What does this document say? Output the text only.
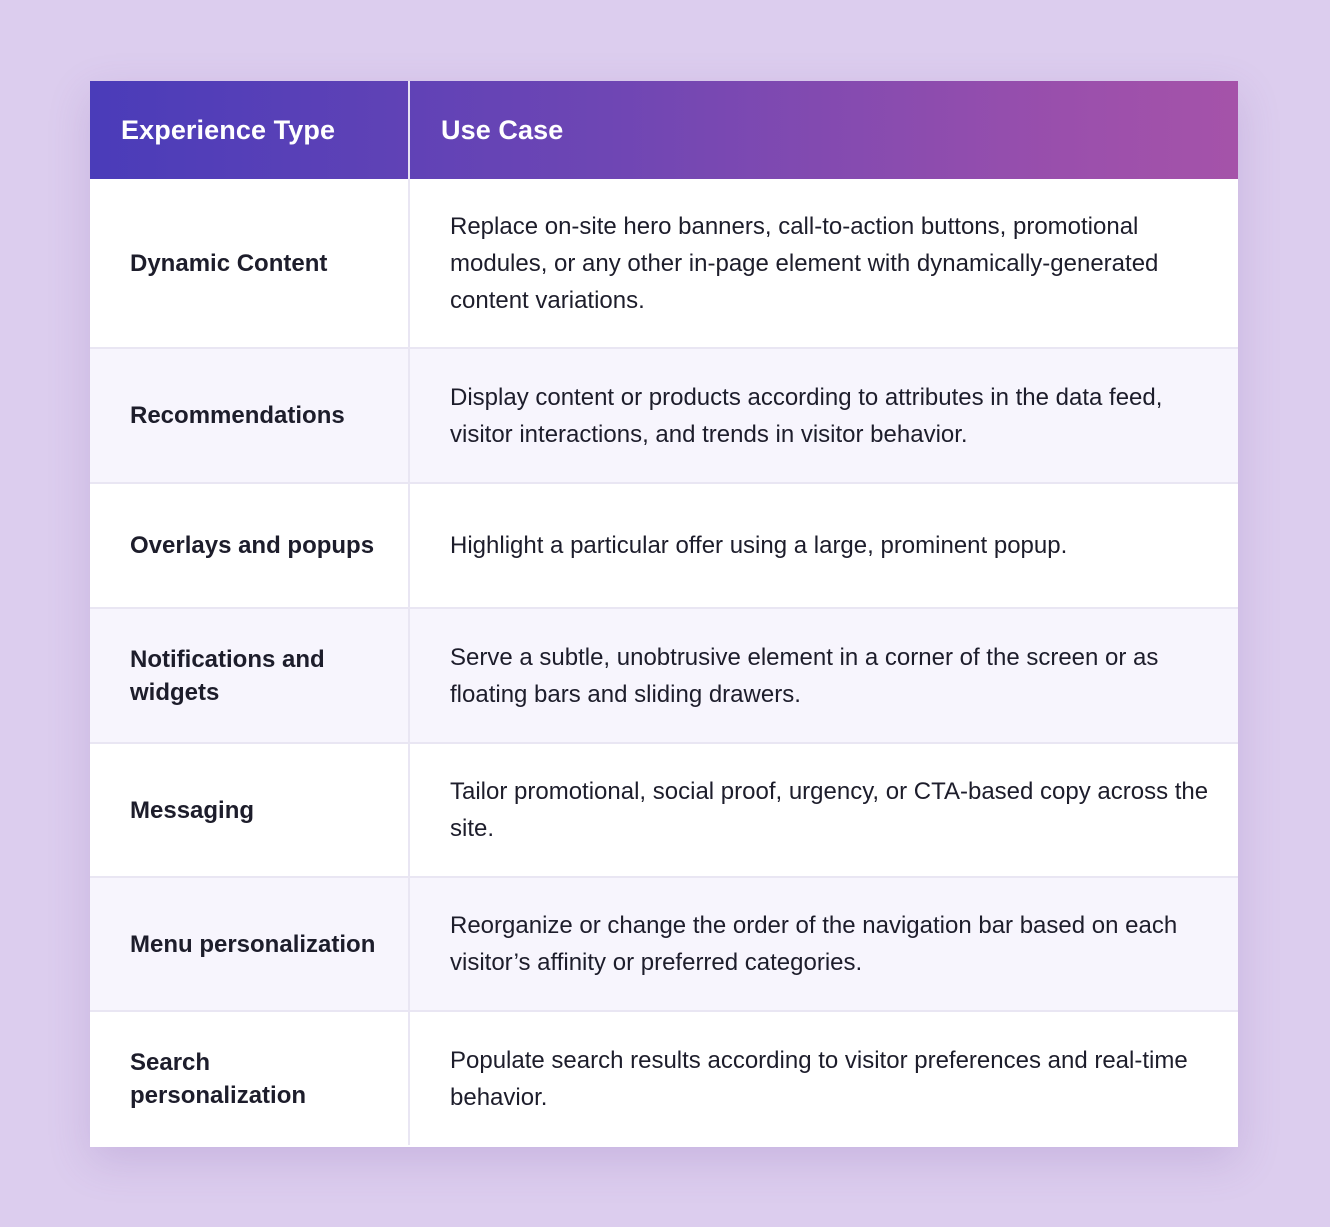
Experience Type	Use Case
Dynamic Content	Replace on-site hero banners, call-to-action buttons, promotional modules, or any other in-page element with dynamically-generated content variations.
Recommendations	Display content or products according to attributes in the data feed, visitor interactions, and trends in visitor behavior.
Overlays and popups	Highlight a particular offer using a large, prominent popup.
Notifications and widgets	Serve a subtle, unobtrusive element in a corner of the screen or as floating bars and sliding drawers.
Messaging	Tailor promotional, social proof, urgency, or CTA-based copy across the site.
Menu personalization	Reorganize or change the order of the navigation bar based on each visitor’s affinity or preferred categories.
Search personalization	Populate search results according to visitor preferences and real-time behavior.
